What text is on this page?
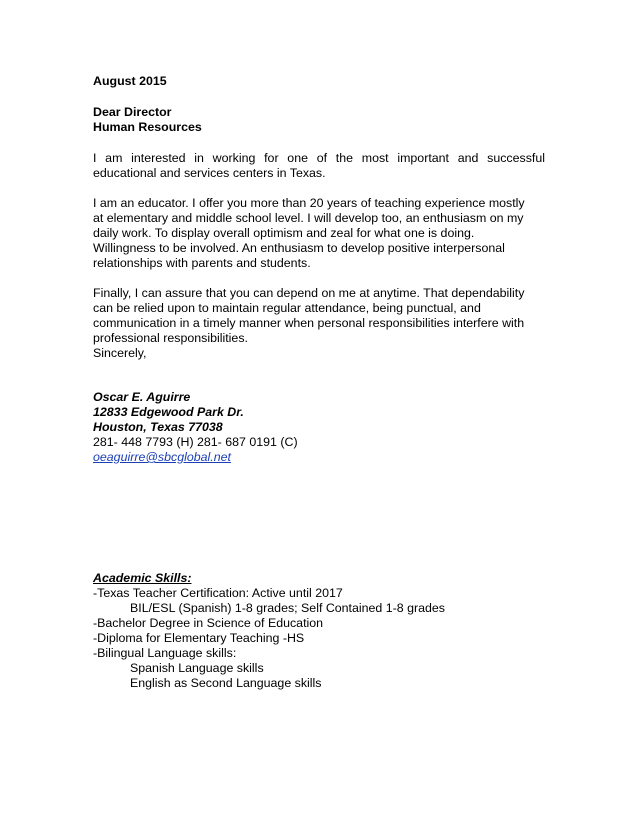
August 2015

Dear Director

Human Resources

I am interested in working for one of the most important and successful educational and services centers in Texas.

I am an educator. I offer you more than 20 years of teaching experience mostly

at elementary and middle school level. I will develop too, an enthusiasm on my

daily work. To display overall optimism and zeal for what one is doing.

Willingness to be involved. An enthusiasm to develop positive interpersonal

relationships with parents and students.

Finally, I can assure that you can depend on me at anytime. That dependability

can be relied upon to maintain regular attendance, being punctual, and

communication in a timely manner when personal responsibilities interfere with

professional responsibilities.

Sincerely,

Oscar E. Aguirre

12833 Edgewood Park Dr.

Houston, Texas 77038

281- 448 7793 (H) 281- 687 0191 (C)

oeaguirre@sbcglobal.net

Academic Skills:

-Texas Teacher Certification: Active until 2017

BIL/ESL (Spanish) 1-8 grades; Self Contained 1-8 grades

-Bachelor Degree in Science of Education

-Diploma for Elementary Teaching -HS

-Bilingual Language skills:

Spanish Language skills

English as Second Language skills
